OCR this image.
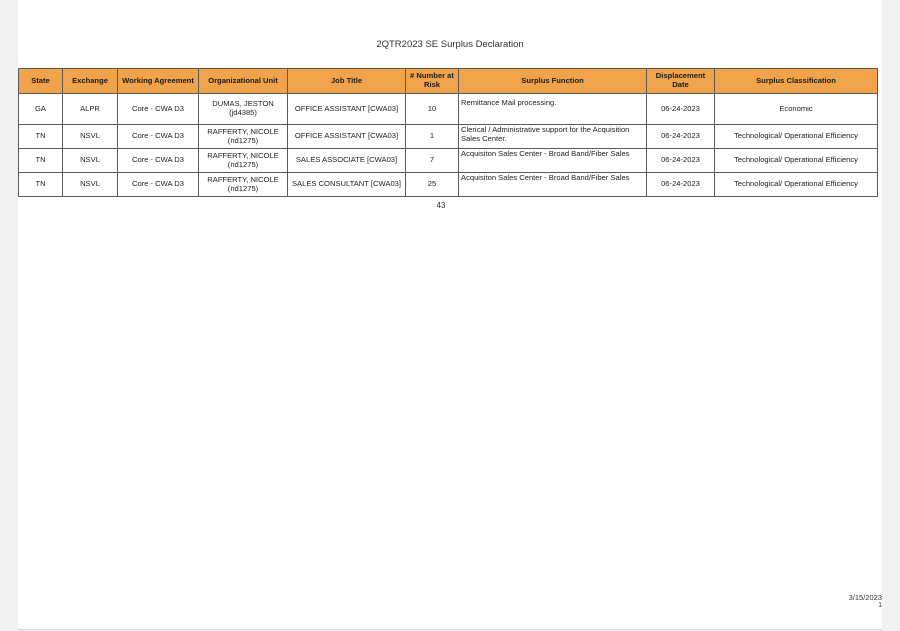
2QTR2023 SE Surplus Declaration
State	Exchange	Working Agreement	Organizational Unit	Job Title	# Number at Risk	Surplus Function	Displacement Date	Surplus Classification
GA	ALPR	Core - CWA D3	DUMAS, JESTON (jd4385)	OFFICE ASSISTANT [CWA03]	10	Remittance Mail processing.	06-24-2023	Economic
TN	NSVL	Core - CWA D3	RAFFERTY, NICOLE (nd1275)	OFFICE ASSISTANT [CWA03]	1	Clerical / Administrative support for the Acquisition Sales Center.	06-24-2023	Technological/ Operational Efficiency
TN	NSVL	Core - CWA D3	RAFFERTY, NICOLE (nd1275)	SALES ASSOCIATE [CWA03]	7	Acquisiton Sales Center - Broad Band/Fiber Sales	06-24-2023	Technological/ Operational Efficiency
TN	NSVL	Core - CWA D3	RAFFERTY, NICOLE (nd1275)	SALES CONSULTANT [CWA03]	25	Acquisiton Sales Center - Broad Band/Fiber Sales	06-24-2023	Technological/ Operational Efficiency
43
3/15/2023
1
